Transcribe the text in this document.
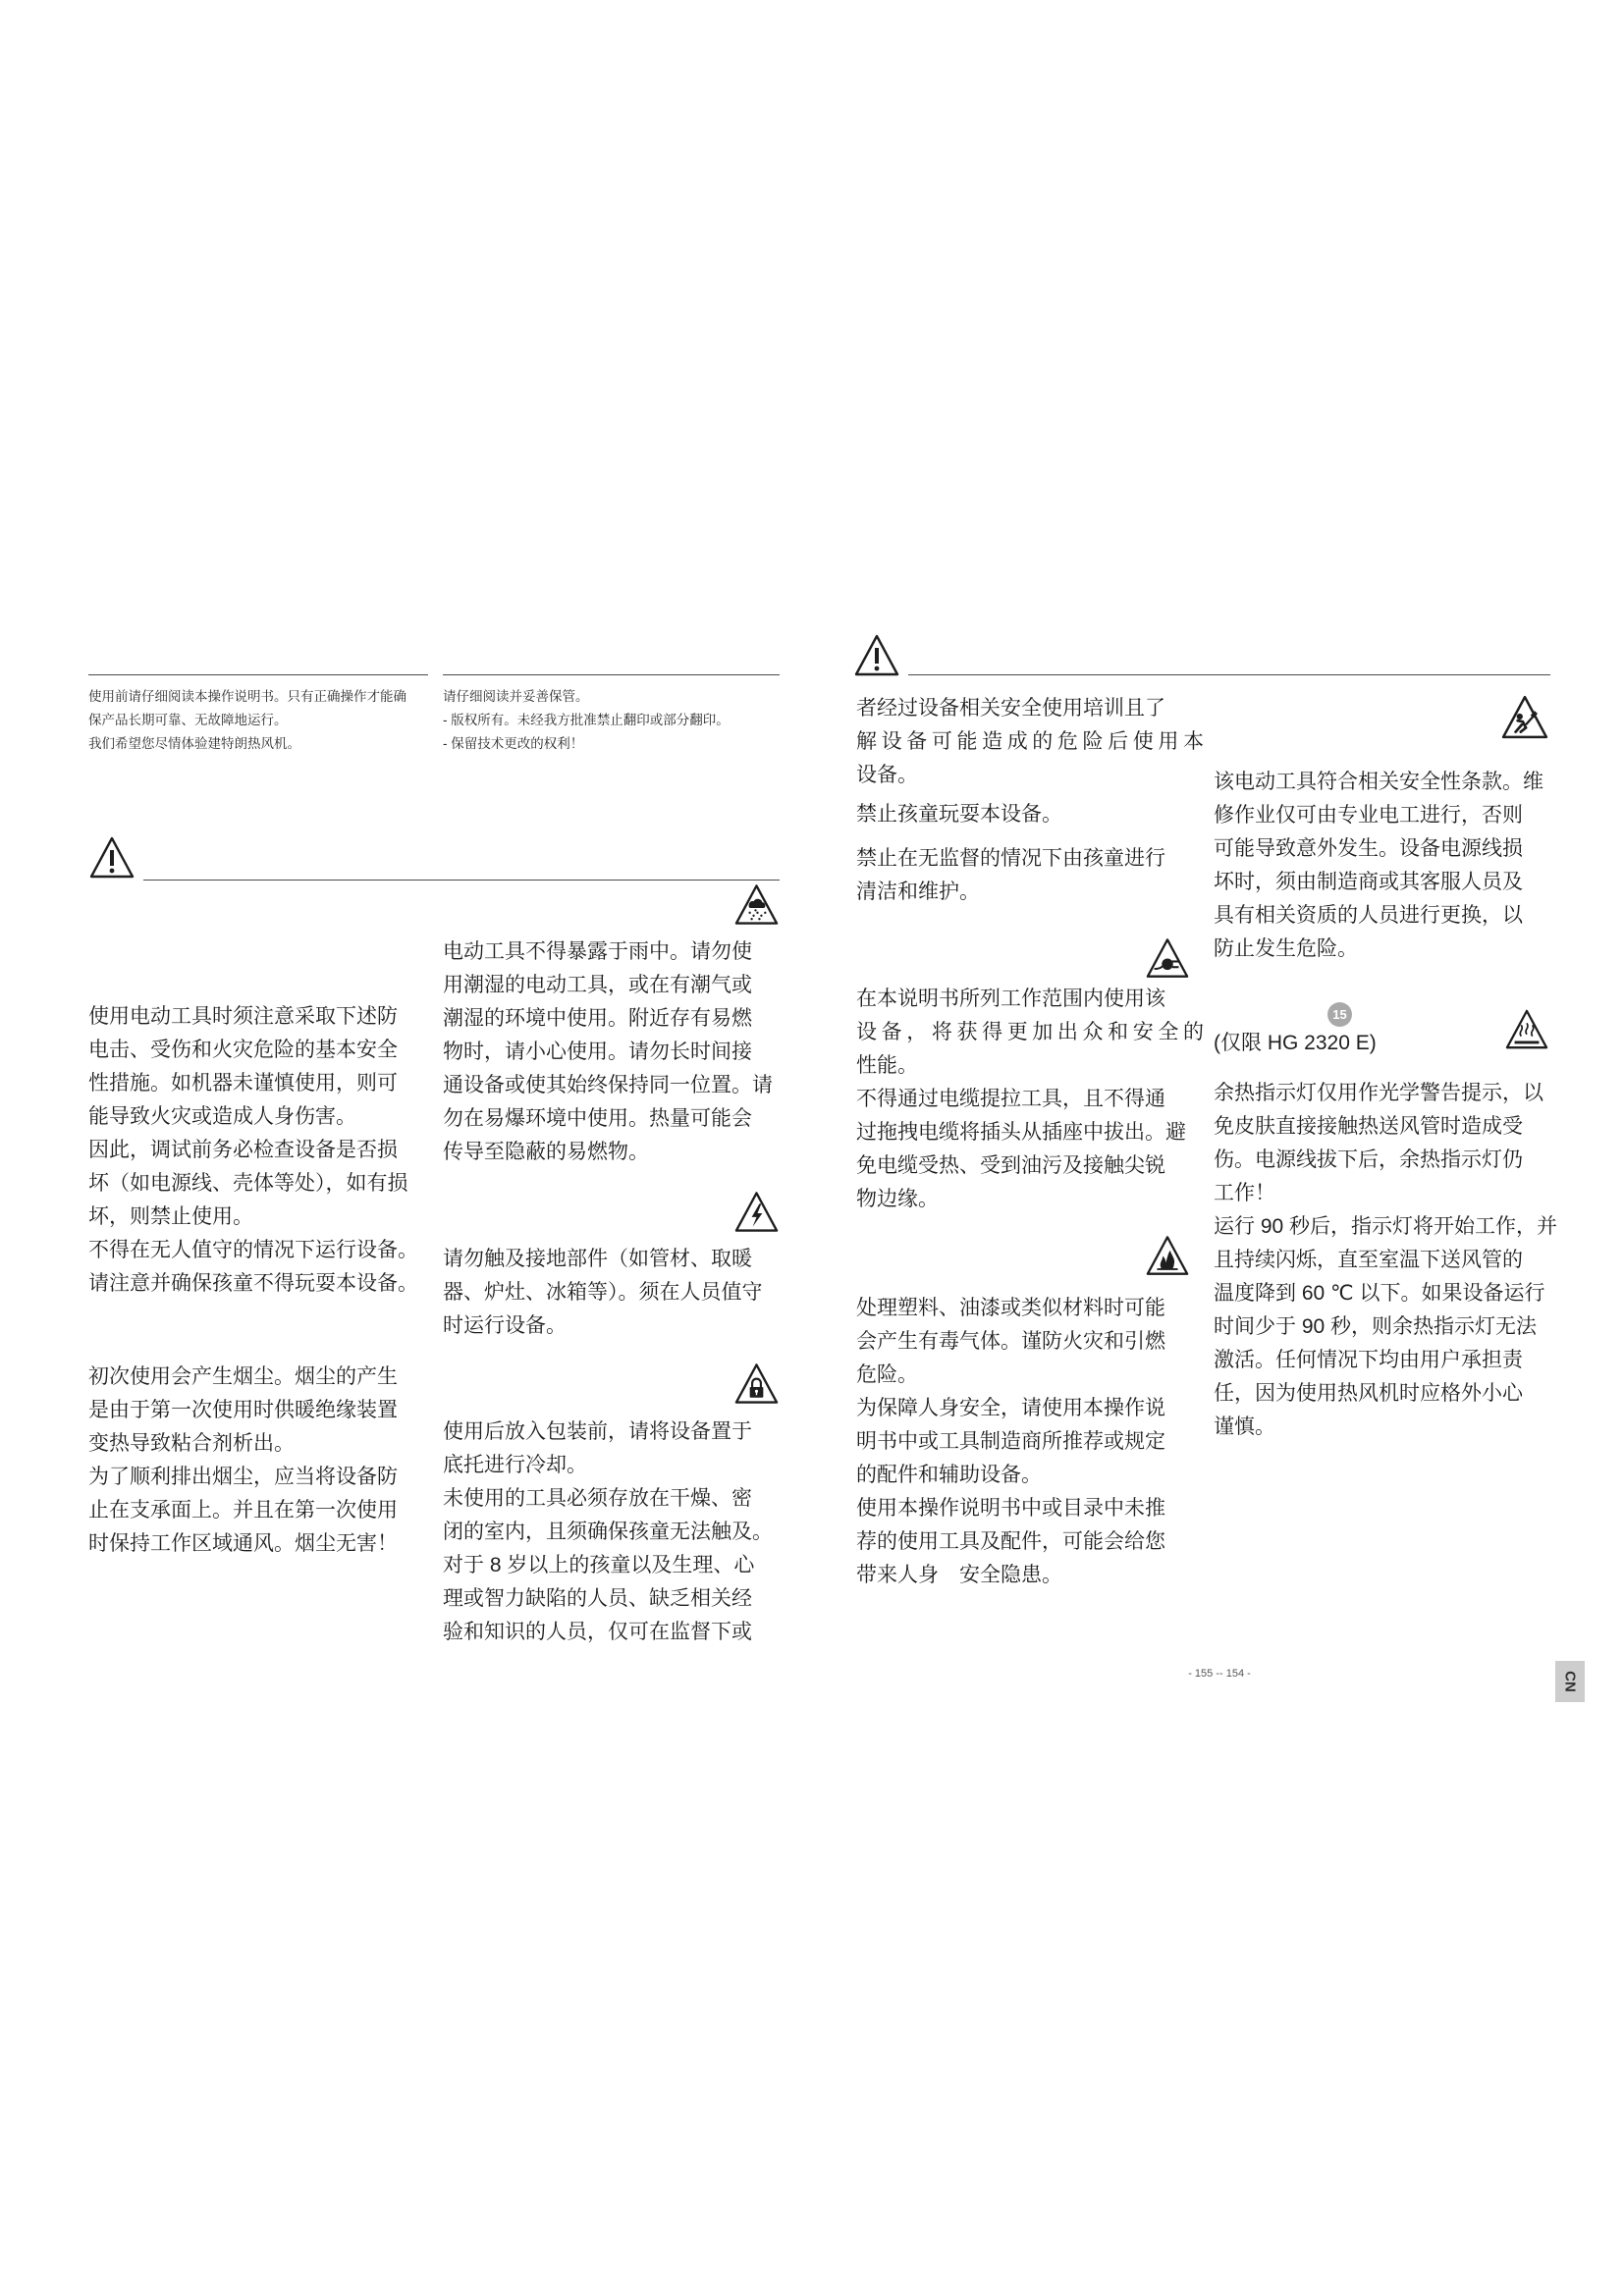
使用前请仔细阅读本操作说明书。只有正确操作才能确
保产品长期可靠、无故障地运行。
我们希望您尽情体验建特朗热风机。
请仔细阅读并妥善保管。
- 版权所有。未经我方批准禁止翻印或部分翻印。
- 保留技术更改的权利！
使用电动工具时须注意采取下述防
电击、受伤和火灾危险的基本安全
性措施。如机器未谨慎使用，则可
能导致火灾或造成人身伤害。
因此，调试前务必检查设备是否损
坏（如电源线、壳体等处），如有损
坏，则禁止使用。
不得在无人值守的情况下运行设备。
请注意并确保孩童不得玩耍本设备。
初次使用会产生烟尘。烟尘的产生
是由于第一次使用时供暖绝缘装置
变热导致粘合剂析出。
为了顺利排出烟尘，应当将设备防
止在支承面上。并且在第一次使用
时保持工作区域通风。烟尘无害！
电动工具不得暴露于雨中。请勿使
用潮湿的电动工具，或在有潮气或
潮湿的环境中使用。附近存有易燃
物时，请小心使用。请勿长时间接
通设备或使其始终保持同一位置。请
勿在易爆环境中使用。热量可能会
传导至隐蔽的易燃物。
请勿触及接地部件（如管材、取暖
器、炉灶、冰箱等）。须在人员值守
时运行设备。
使用后放入包装前，请将设备置于
底托进行冷却。
未使用的工具必须存放在干燥、密
闭的室内，且须确保孩童无法触及。
对于 8 岁以上的孩童以及生理、心
理或智力缺陷的人员、缺乏相关经
验和知识的人员，仅可在监督下或
者经过设备相关安全使用培训且了
解设备可能造成的危险后使用本
设备。
禁止孩童玩耍本设备。
禁止在无监督的情况下由孩童进行
清洁和维护。
在本说明书所列工作范围内使用该
设备，将获得更加出众和安全的
性能。
不得通过电缆提拉工具，且不得通
过拖拽电缆将插头从插座中拔出。避
免电缆受热、受到油污及接触尖锐
物边缘。
处理塑料、油漆或类似材料时可能
会产生有毒气体。谨防火灾和引燃
危险。
为保障人身安全，请使用本操作说
明书中或工具制造商所推荐或规定
的配件和辅助设备。
使用本操作说明书中或目录中未推
荐的使用工具及配件，可能会给您
带来人身　安全隐患。
该电动工具符合相关安全性条款。维
修作业仅可由专业电工进行，否则
可能导致意外发生。设备电源线损
坏时，须由制造商或其客服人员及
具有相关资质的人员进行更换，以
防止发生危险。
15
(仅限 HG 2320 E)
余热指示灯仅用作光学警告提示，以
免皮肤直接接触热送风管时造成受
伤。电源线拔下后，余热指示灯仍
工作！
运行 90 秒后，指示灯将开始工作，并
且持续闪烁，直至室温下送风管的
温度降到 60 ℃ 以下。如果设备运行
时间少于 90 秒，则余热指示灯无法
激活。任何情况下均由用户承担责
任，因为使用热风机时应格外小心
谨慎。
- 155 -- 154 -	CN
